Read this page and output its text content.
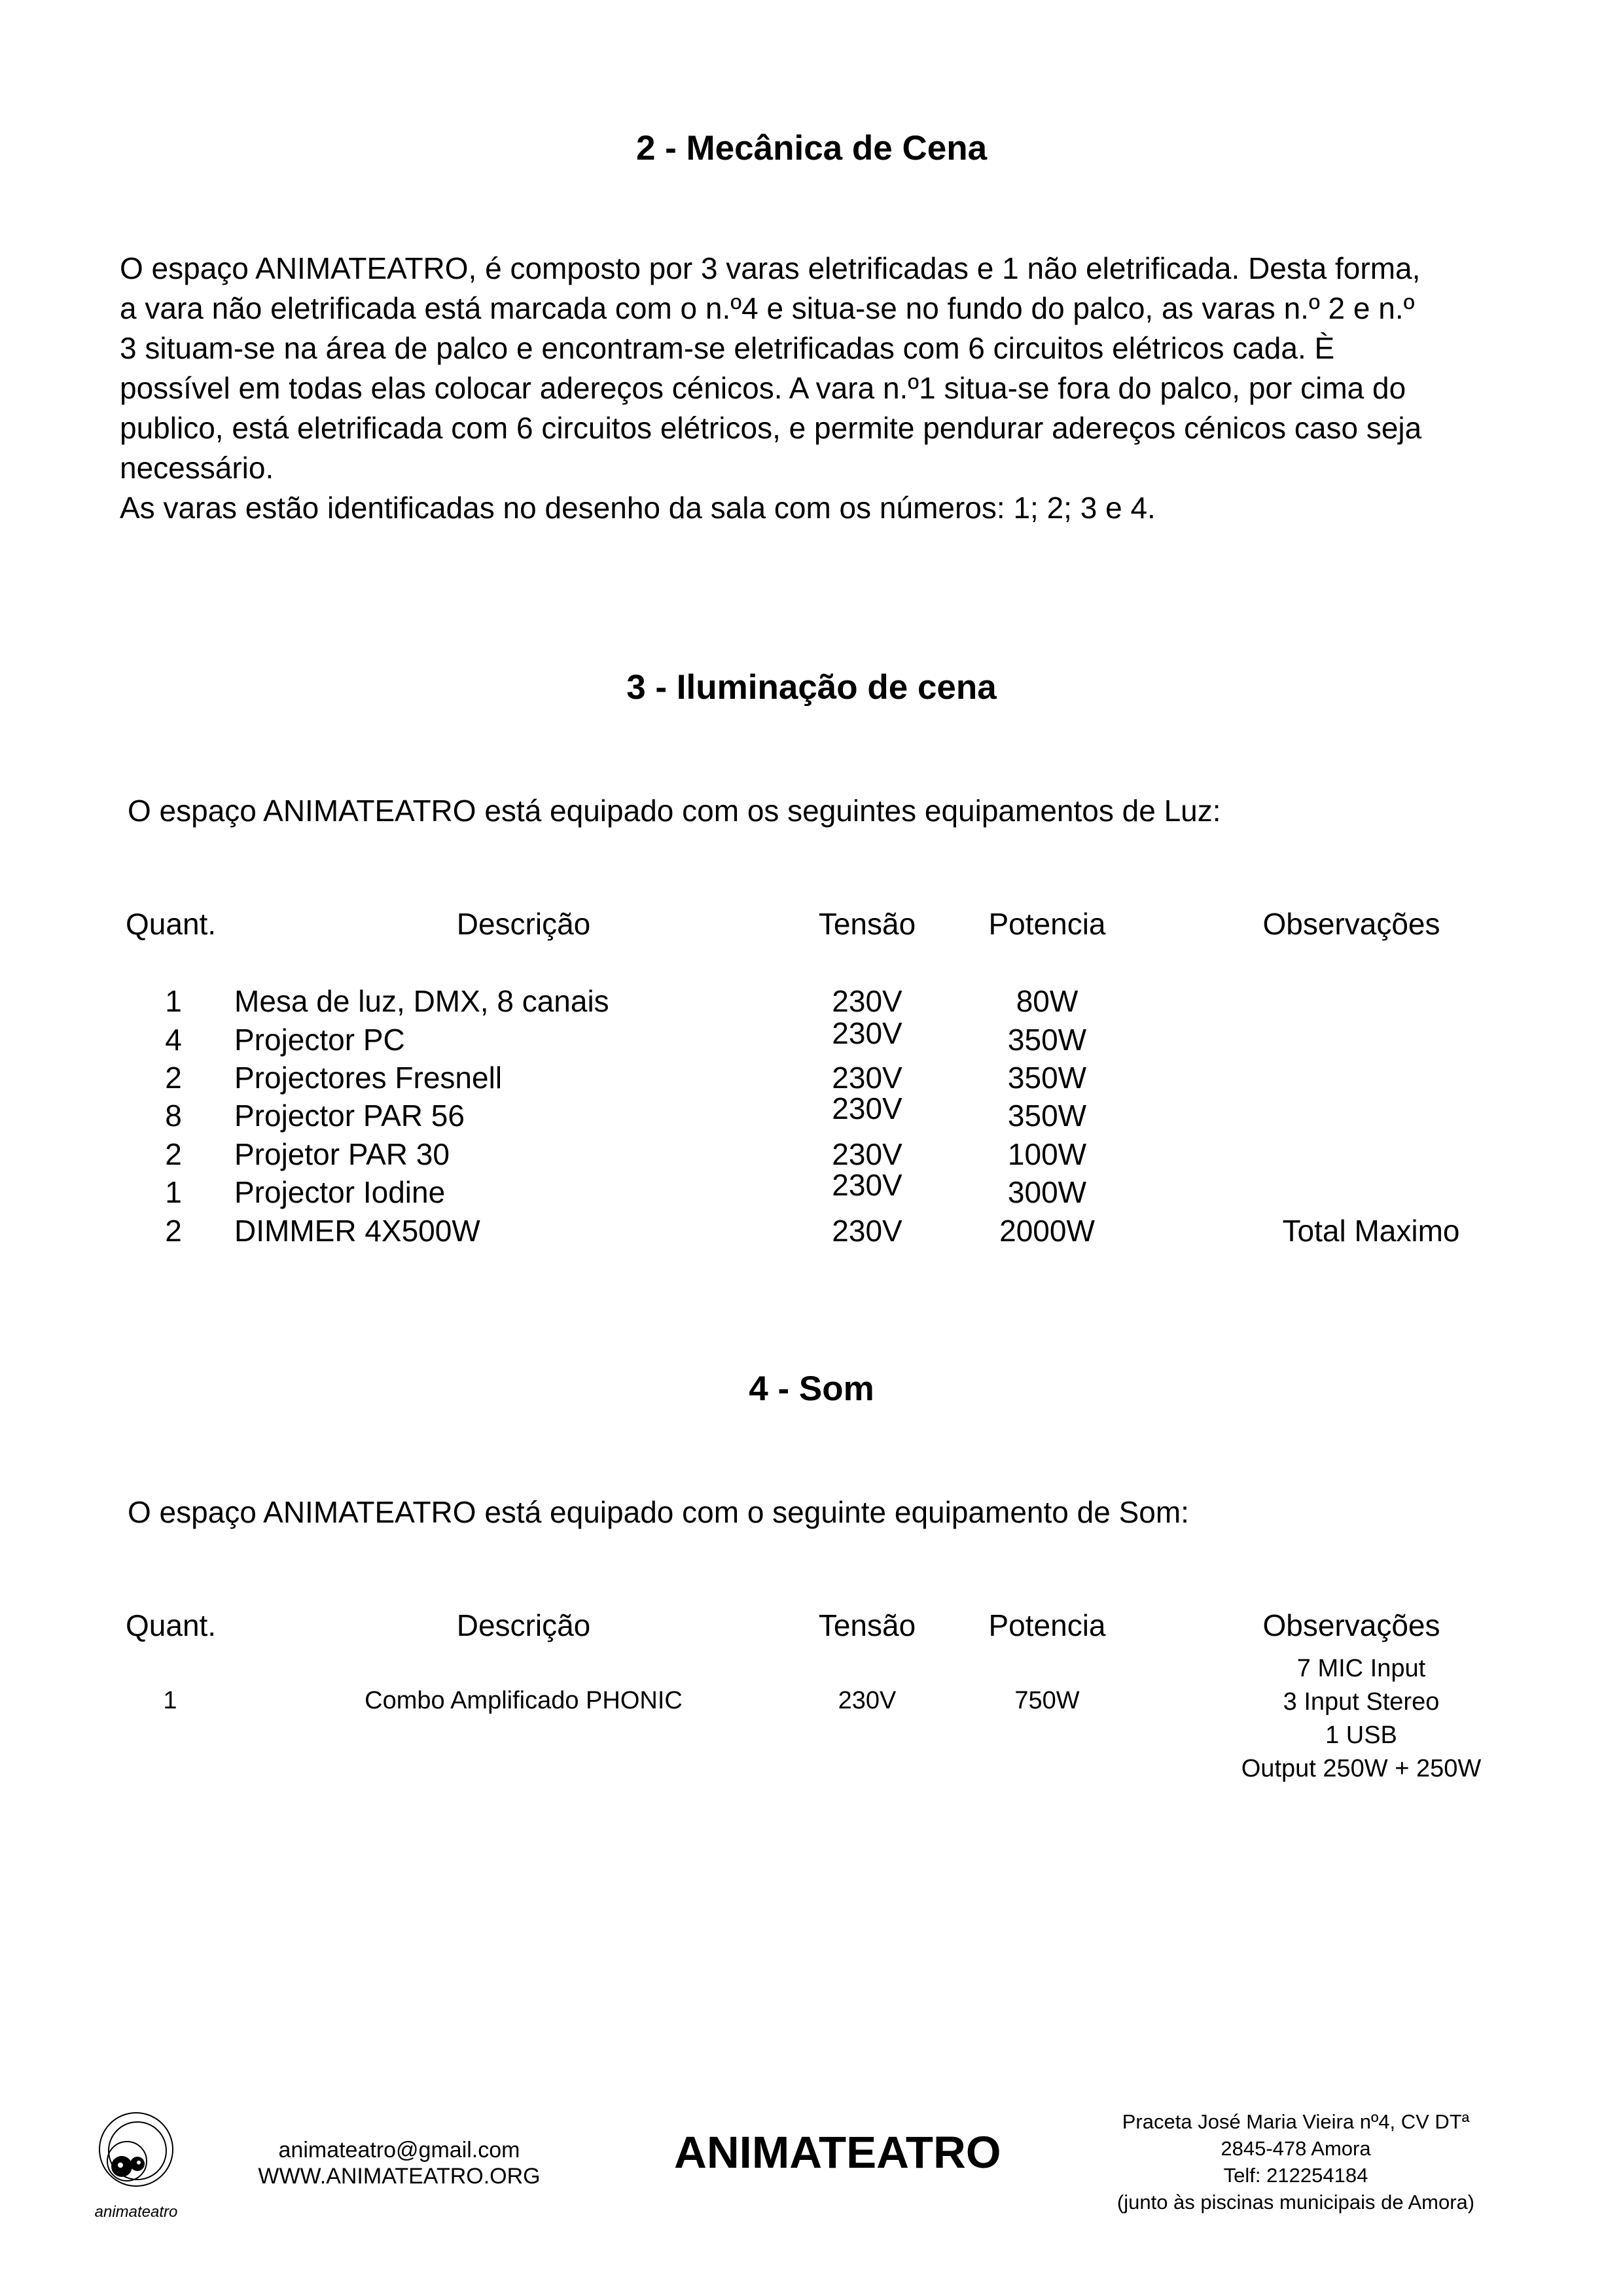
2 - Mecânica de Cena
O espaço ANIMATEATRO, é composto por 3 varas eletrificadas e 1 não eletrificada. Desta forma,
a vara não eletrificada está marcada com o n.º4 e situa-se no fundo do palco, as varas n.º 2 e n.º
3 situam-se na área de palco e encontram-se eletrificadas com 6 circuitos elétricos cada. È
possível em todas elas colocar adereços cénicos. A vara n.º1 situa-se fora do palco, por cima do
publico, está eletrificada com 6 circuitos elétricos, e permite pendurar adereços cénicos caso seja
necessário.
As varas estão identificadas no desenho da sala com os números: 1; 2; 3 e 4.
3 - Iluminação de cena
O espaço ANIMATEATRO está equipado com os seguintes equipamentos de Luz:
Quant.	Descrição	Tensão	Potencia	Observações
1	Mesa de luz, DMX, 8 canais	230V	80W
4	Projector PC	230V	350W
2	Projectores Fresnell	230V	350W
8	Projector PAR 56	230V	350W
2	Projetor PAR 30	230V	100W
1	Projector Iodine	230V	300W
2	DIMMER 4X500W	230V	2000W	Total Maximo
4 - Som
O espaço ANIMATEATRO está equipado com o seguinte equipamento de Som:
Quant.	Descrição	Tensão	Potencia	Observações
1	Combo Amplificado PHONIC	230V	750W
7 MIC Input
3 Input Stereo
1 USB
Output 250W + 250W
animateatro
animateatro@gmail.com
WWW.ANIMATEATRO.ORG	ANIMATEATRO
Praceta José Maria Vieira nº4, CV DTª
2845-478 Amora
Telf: 212254184
(junto às piscinas municipais de Amora)
